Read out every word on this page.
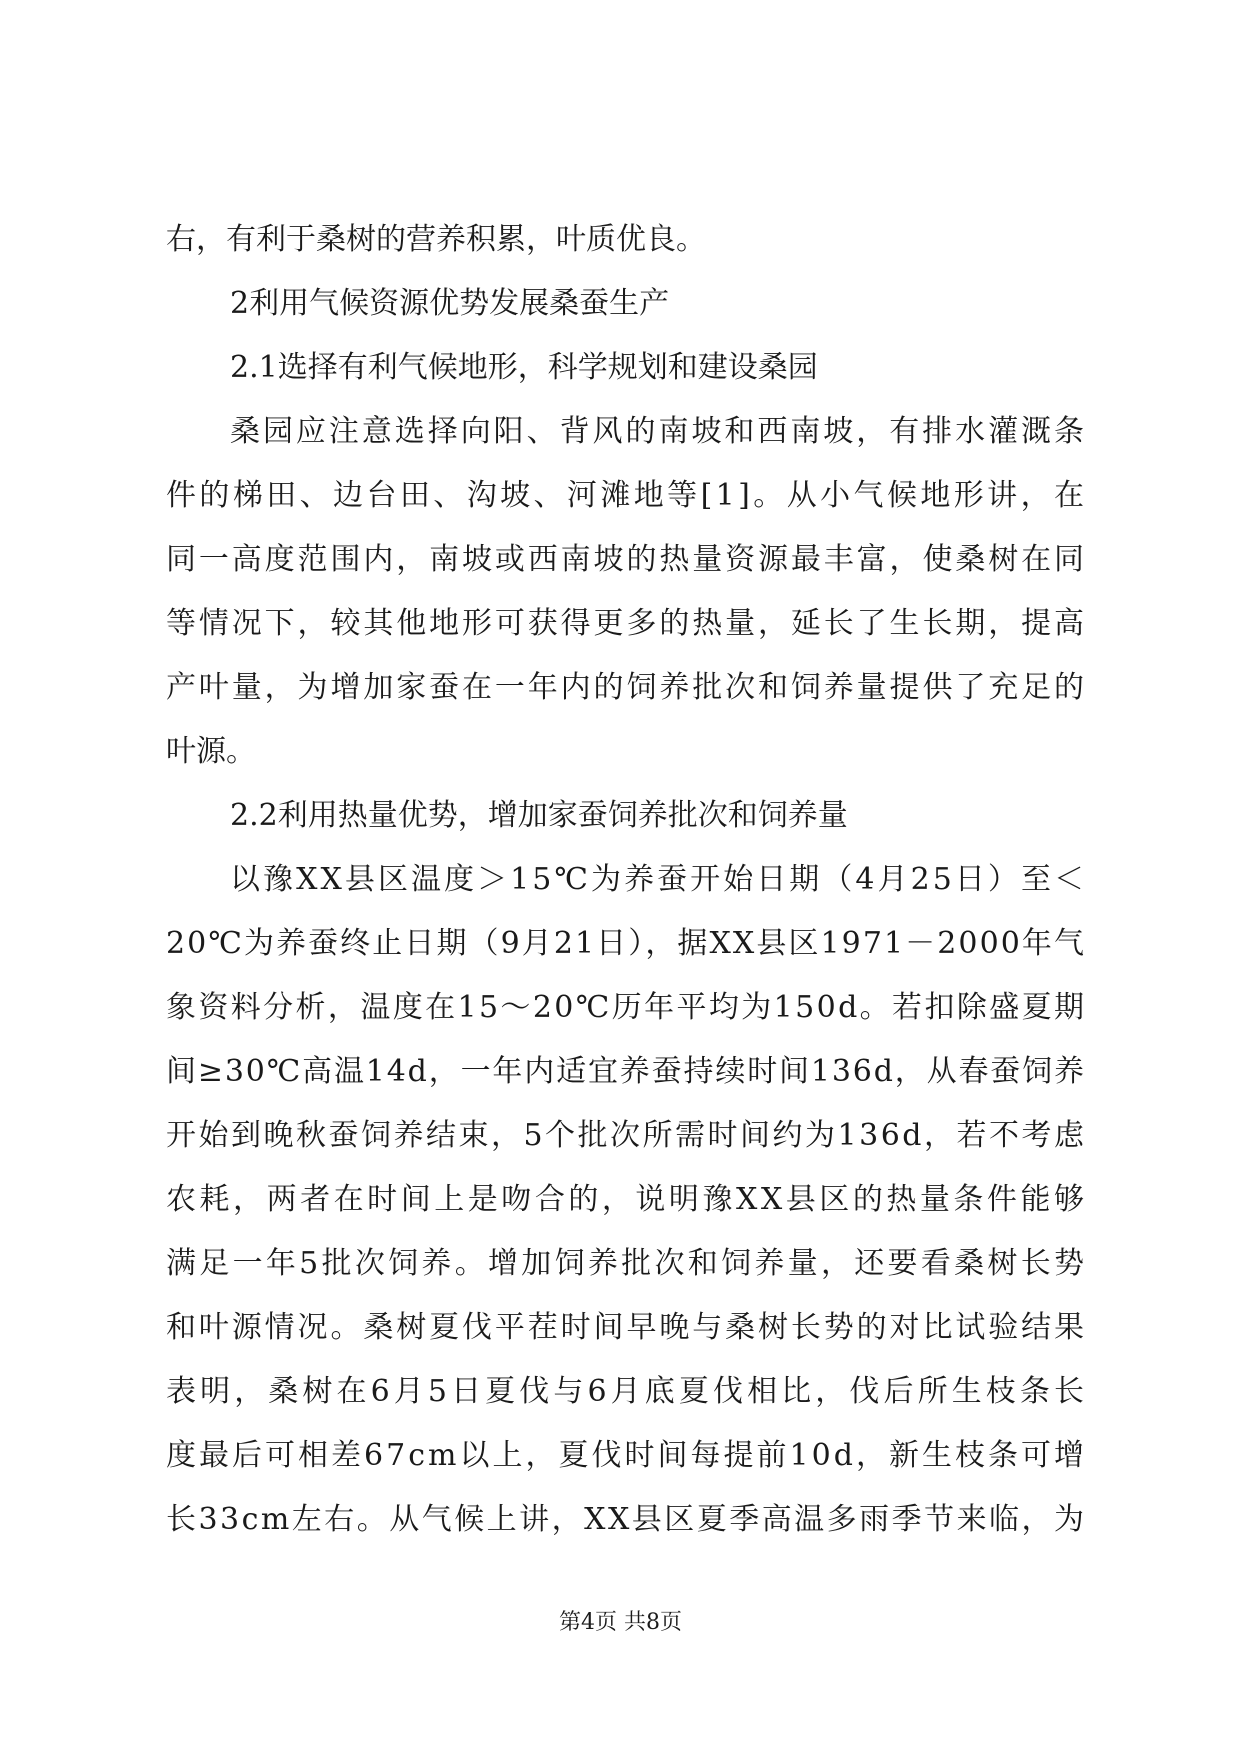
右，有利于桑树的营养积累，叶质优良。
2利用气候资源优势发展桑蚕生产
2.1选择有利气候地形，科学规划和建设桑园
桑园应注意选择向阳、背风的南坡和西南坡，有排水灌溉条
件的梯田、边台田、沟坡、河滩地等[1]。从小气候地形讲，在
同一高度范围内，南坡或西南坡的热量资源最丰富，使桑树在同
等情况下，较其他地形可获得更多的热量，延长了生长期，提高
产叶量，为增加家蚕在一年内的饲养批次和饲养量提供了充足的
叶源。
2.2利用热量优势，增加家蚕饲养批次和饲养量
以豫XX县区温度＞15℃为养蚕开始日期（4月25日）至＜
20℃为养蚕终止日期（9月21日），据XX县区1971－2000年气
象资料分析，温度在15～20℃历年平均为150d。若扣除盛夏期
间≥30℃高温14d，一年内适宜养蚕持续时间136d，从春蚕饲养
开始到晚秋蚕饲养结束，5个批次所需时间约为136d，若不考虑
农耗，两者在时间上是吻合的，说明豫XX县区的热量条件能够
满足一年5批次饲养。增加饲养批次和饲养量，还要看桑树长势
和叶源情况。桑树夏伐平茬时间早晚与桑树长势的对比试验结果
表明，桑树在6月5日夏伐与6月底夏伐相比，伐后所生枝条长
度最后可相差67cm以上，夏伐时间每提前10d，新生枝条可增
长33cm左右。从气候上讲，XX县区夏季高温多雨季节来临，为
第4页 共8页
